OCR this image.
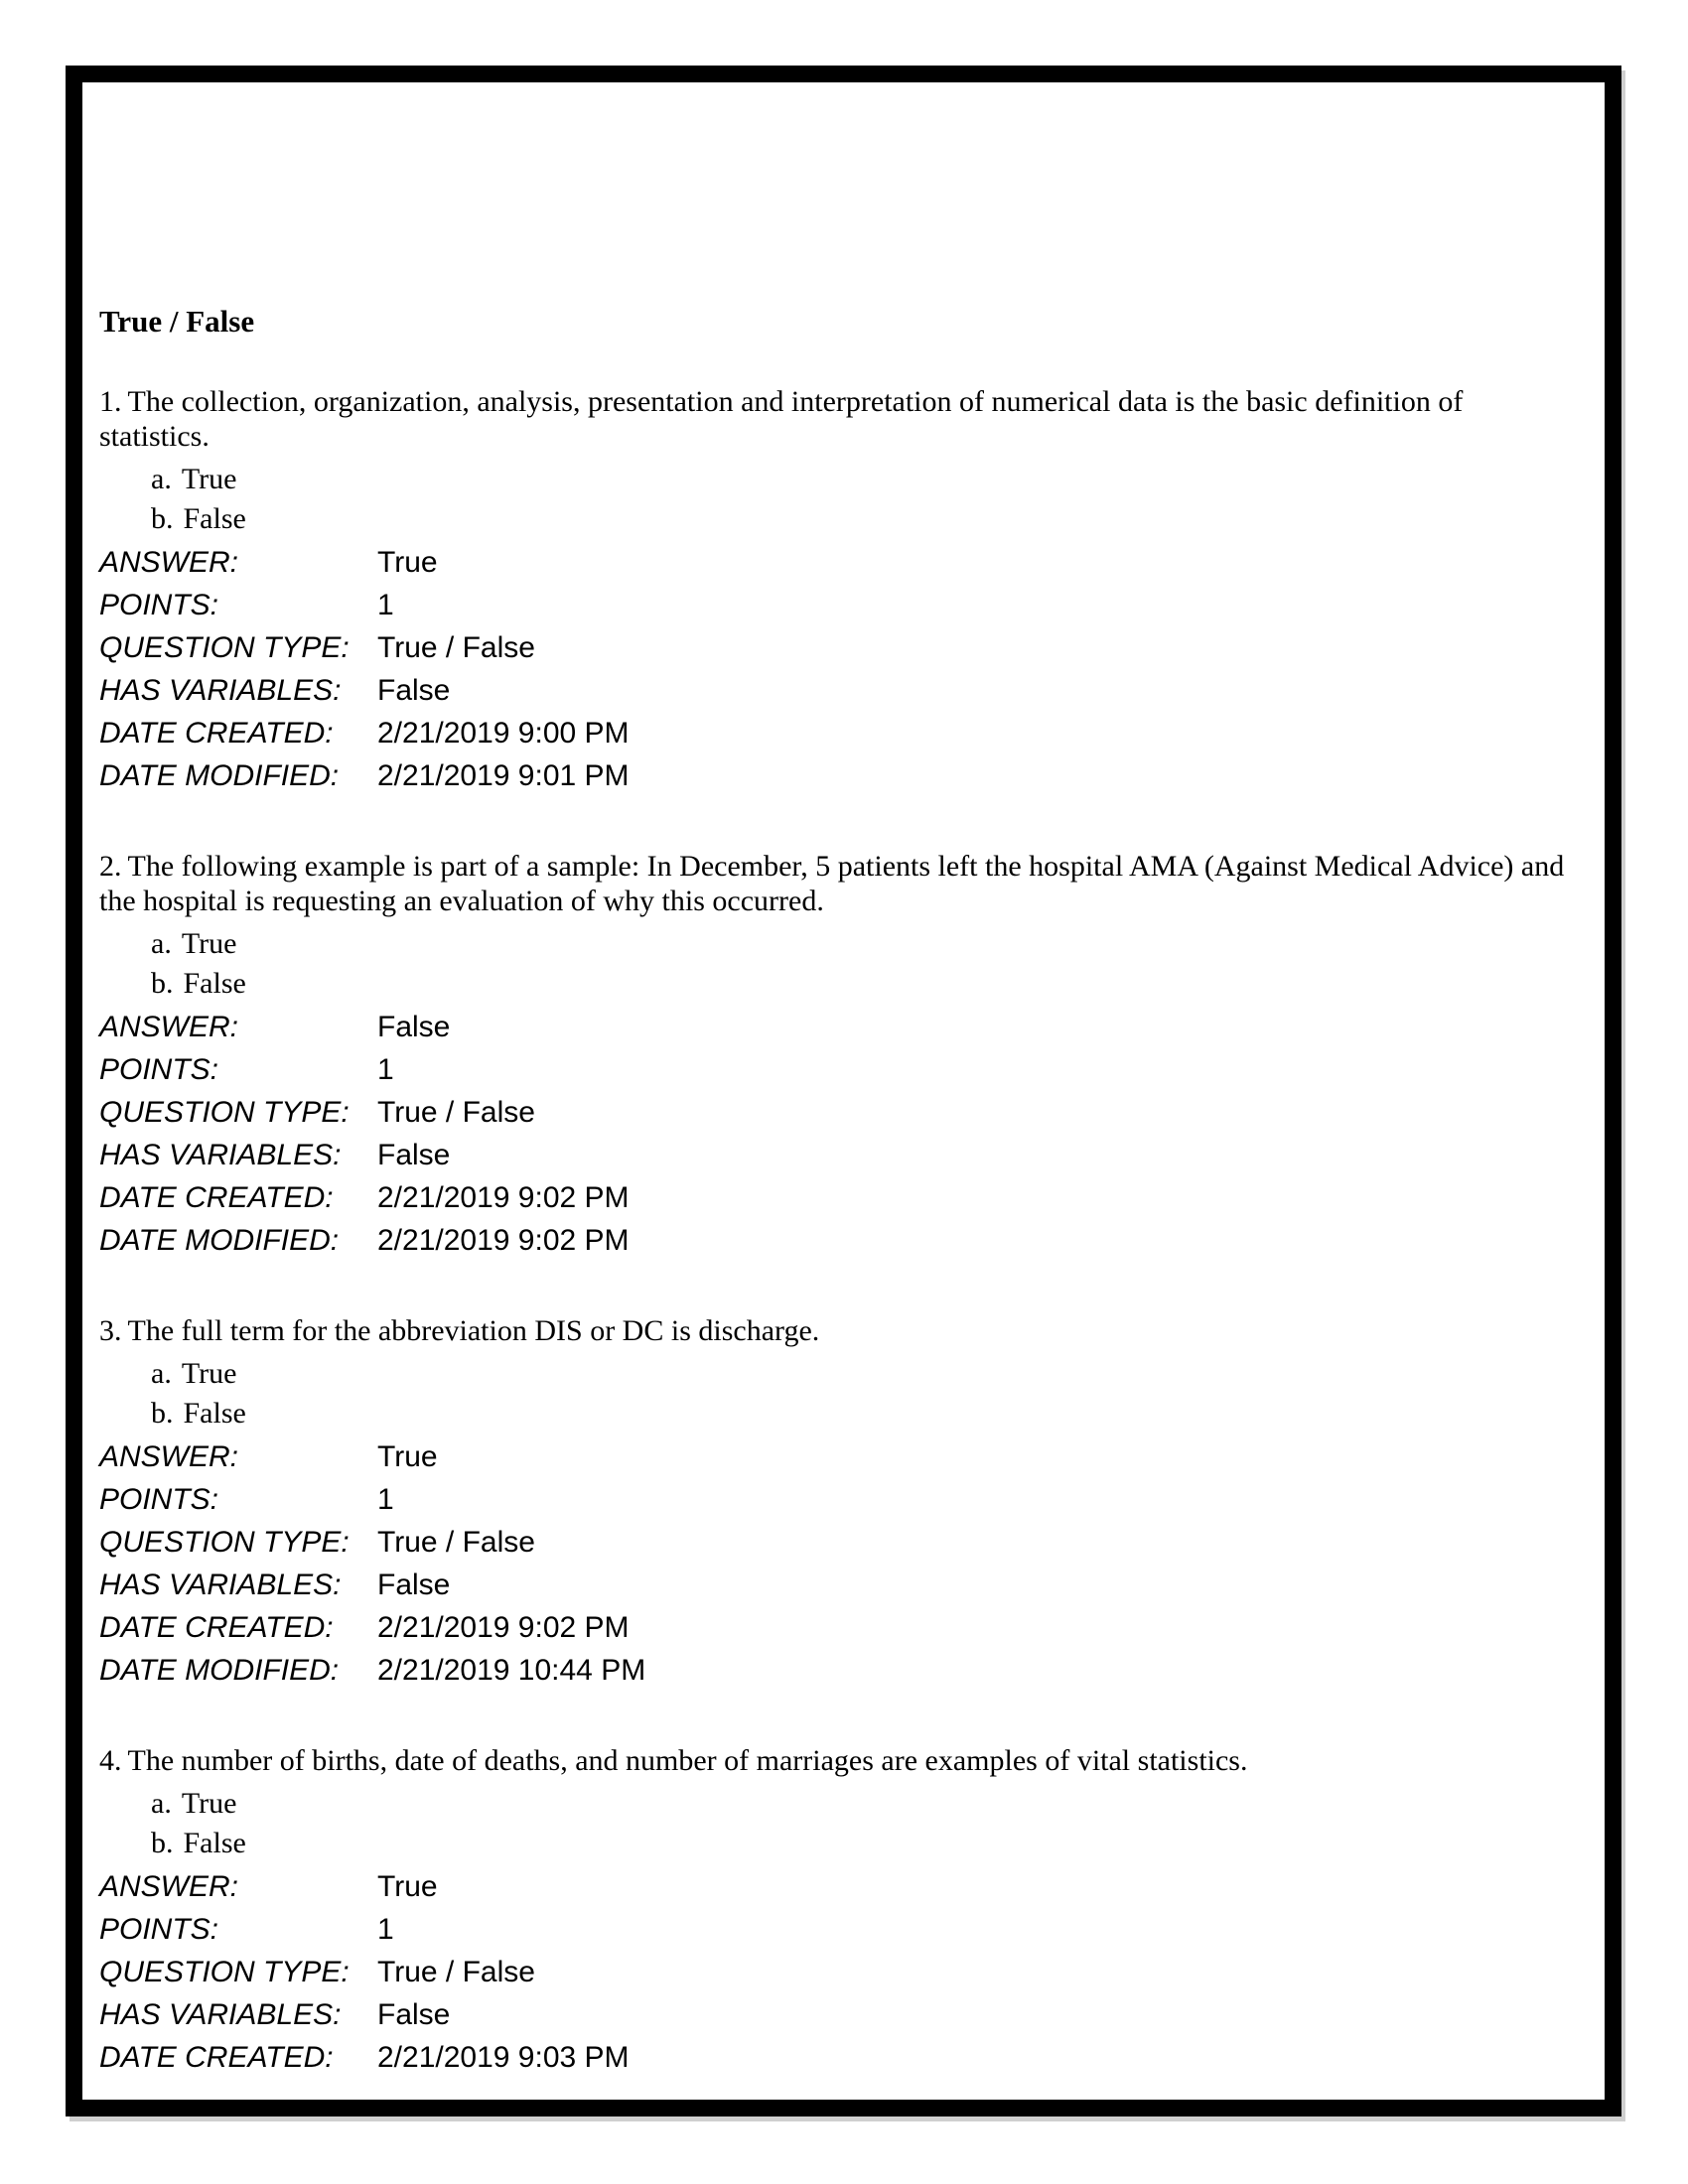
True / False

1. The collection, organization, analysis, presentation and interpretation of numerical data is the basic definition of statistics.

a. True
b. False
ANSWER:	True
POINTS:	1
QUESTION TYPE: True / False
HAS VARIABLES:	False
DATE CREATED:	2/21/2019 9:00 PM
DATE MODIFIED:	2/21/2019 9:01 PM

2. The following example is part of a sample: In December, 5 patients left the hospital AMA (Against Medical Advice) and the hospital is requesting an evaluation of why this occurred.

a. True
b. False
ANSWER:	False
POINTS:	1
QUESTION TYPE: True / False
HAS VARIABLES:	False
DATE CREATED:	2/21/2019 9:02 PM
DATE MODIFIED:	2/21/2019 9:02 PM

3. The full term for the abbreviation DIS or DC is discharge.

a. True
b. False
ANSWER:	True
POINTS:	1
QUESTION TYPE: True / False
HAS VARIABLES:	False
DATE CREATED:	2/21/2019 9:02 PM
DATE MODIFIED:	2/21/2019 10:44 PM

4. The number of births, date of deaths, and number of marriages are examples of vital statistics.

a. True
b. False
ANSWER:	True
POINTS:	1
QUESTION TYPE: True / False
HAS VARIABLES:	False
DATE CREATED:	2/21/2019 9:03 PM
